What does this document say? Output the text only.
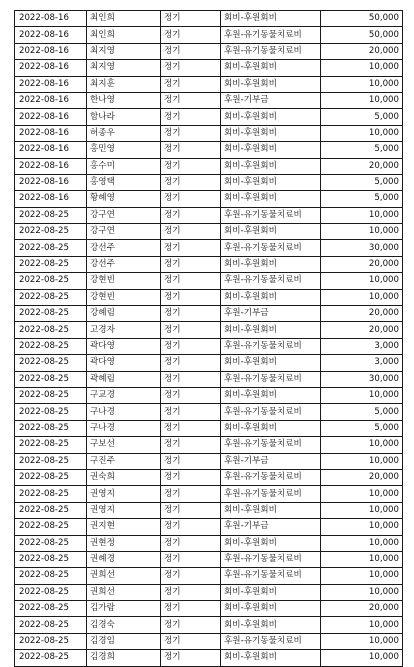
2022-08-16	최인희	정기	회비-후원회비	50,000
2022-08-16	최인희	정기	후원-유기동물치료비	50,000
2022-08-16	최지영	정기	후원-유기동물치료비	20,000
2022-08-16	최지영	정기	회비-후원회비	10,000
2022-08-16	최지훈	정기	회비-후원회비	10,000
2022-08-16	한나영	정기	후원-기부금	10,000
2022-08-16	함나라	정기	회비-후원회비	5,000
2022-08-16	허종우	정기	회비-후원회비	10,000
2022-08-16	홍민영	정기	회비-후원회비	5,000
2022-08-16	홍수미	정기	회비-후원회비	20,000
2022-08-16	홍영택	정기	회비-후원회비	5,000
2022-08-16	황혜영	정기	회비-후원회비	5,000
2022-08-25	강구연	정기	후원-유기동물치료비	10,000
2022-08-25	강구연	정기	회비-후원회비	10,000
2022-08-25	강선주	정기	후원-유기동물치료비	30,000
2022-08-25	강선주	정기	회비-후원회비	20,000
2022-08-25	강현빈	정기	후원-유기동물치료비	10,000
2022-08-25	강현빈	정기	회비-후원회비	10,000
2022-08-25	강혜림	정기	후원-기부금	20,000
2022-08-25	고경자	정기	회비-후원회비	20,000
2022-08-25	곽다영	정기	후원-유기동물치료비	3,000
2022-08-25	곽다영	정기	회비-후원회비	3,000
2022-08-25	곽혜림	정기	후원-유기동물치료비	30,000
2022-08-25	구교경	정기	회비-후원회비	10,000
2022-08-25	구나경	정기	후원-유기동물치료비	5,000
2022-08-25	구나경	정기	회비-후원회비	5,000
2022-08-25	구보선	정기	후원-유기동물치료비	10,000
2022-08-25	구진주	정기	후원-기부금	10,000
2022-08-25	권숙희	정기	후원-유기동물치료비	20,000
2022-08-25	권영지	정기	후원-유기동물치료비	10,000
2022-08-25	권영지	정기	회비-후원회비	10,000
2022-08-25	권지현	정기	후원-기부금	10,000
2022-08-25	권현정	정기	회비-후원회비	10,000
2022-08-25	권혜경	정기	후원-유기동물치료비	10,000
2022-08-25	권희선	정기	후원-유기동물치료비	10,000
2022-08-25	권희선	정기	회비-후원회비	10,000
2022-08-25	김가람	정기	회비-후원회비	20,000
2022-08-25	김경숙	정기	회비-후원회비	10,000
2022-08-25	김경임	정기	후원-유기동물치료비	10,000
2022-08-25	김경희	정기	회비-후원회비	10,000
